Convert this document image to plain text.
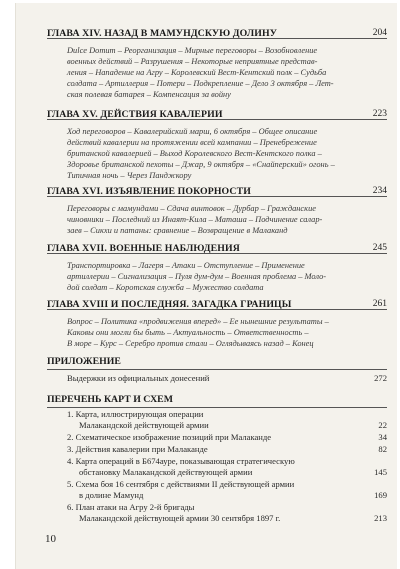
ГЛАВА XIV. НАЗАД В МАМУНДСКУЮ ДОЛИНУ	204
Dulce Domum – Реорганизация – Мирные переговоры – Возобновление
военных действий – Разрушения – Некоторые неприятные представ-
ления – Нападение на Агру – Королевский Вест-Кентский полк – Судьба
солдата – Артиллерия – Потери – Подкрепление – Дело 3 октября – Лет-
ская полевая батарея – Компенсация за войну
ГЛАВА XV. ДЕЙСТВИЯ КАВАЛЕРИИ	223
Ход переговоров – Кавалерийский марш, 6 октября – Общее описание
действий кавалерии на протяжении всей кампании – Пренебрежение
британской кавалерией – Выход Королевского Вест-Кентского полка –
Здоровье британской пехоты – Джар, 9 октября – «Снайперский» огонь –
Типичная ночь – Через Панджкору
ГЛАВА XVI. ИЗЪЯВЛЕНИЕ ПОКОРНОСТИ	234
Переговоры с мамундами – Сдача винтовок – Дурбар – Гражданские
чиновники – Последний из Инаят-Кила – Маташа – Подчинение салар-
заев – Сикхи и патаны: сравнение – Возвращение в Малаканд
ГЛАВА XVII. ВОЕННЫЕ НАБЛЮДЕНИЯ	245
Транспортировка – Лагеря – Атаки – Отступление – Применение
артиллерии – Сигнализация – Пуля дум-дум – Военная проблема – Моло-
дой солдат – Коротская служба – Мужество солдата
ГЛАВА XVIII И ПОСЛЕДНЯЯ. ЗАГАДКА ГРАНИЦЫ	261
Вопрос – Политика «продвижения вперед» – Ее нынешние результаты –
Каковы они могли бы быть – Актуальность – Ответственность –
В море – Курс – Серебро против стали – Оглядываясь назад – Конец
ПРИЛОЖЕНИЕ
Выдержки из официальных донесений	272
ПЕРЕЧЕНЬ КАРТ И СХЕМ
1. Карта, иллюстрирующая операции
Малакандской действующей армии	22
2. Схематическое изображение позиций при Малаканде	34
3. Действия кавалерии при Малаканде	82
4. Карта операций в Б674ауре, показывающая стратегическую
обстановку Малакандской действующей армии	145
5. Схема боя 16 сентября с действиями II действующей армии
в долине Мамунд	169
6. План атаки на Агру 2-й бригады
Малакандской действующей армии 30 сентября 1897 г.	213
10
